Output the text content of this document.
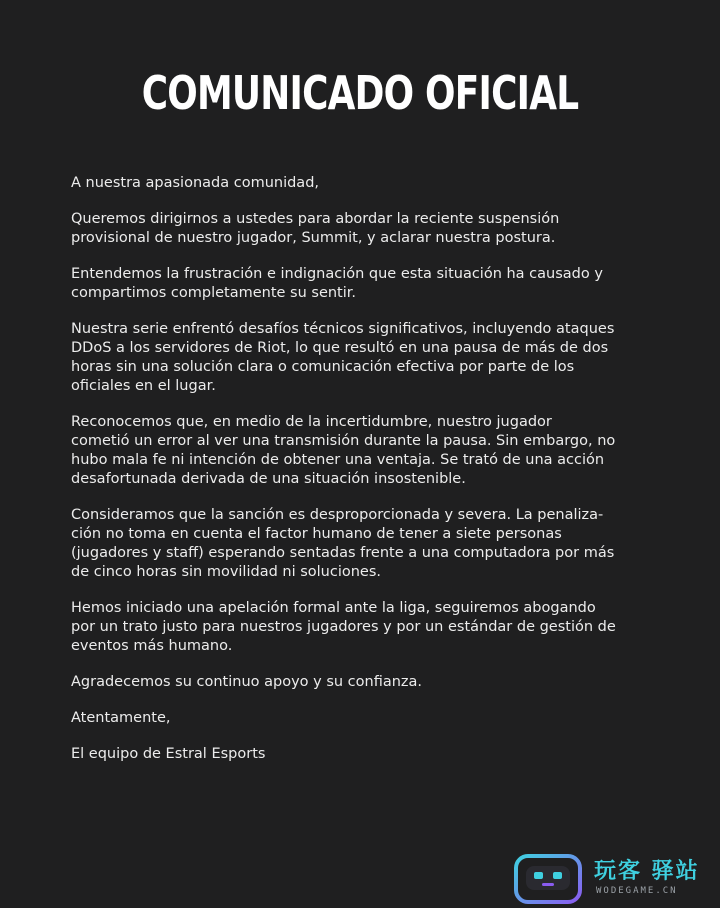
COMUNICADO OFICIAL

A nuestra apasionada comunidad,

Queremos dirigirnos a ustedes para abordar la reciente suspensión
provisional de nuestro jugador, Summit, y aclarar nuestra postura.

Entendemos la frustración e indignación que esta situación ha causado y
compartimos completamente su sentir.

Nuestra serie enfrentó desafíos técnicos significativos, incluyendo ataques
DDoS a los servidores de Riot, lo que resultó en una pausa de más de dos
horas sin una solución clara o comunicación efectiva por parte de los
oficiales en el lugar.

Reconocemos que, en medio de la incertidumbre, nuestro jugador
cometió un error al ver una transmisión durante la pausa. Sin embargo, no
hubo mala fe ni intención de obtener una ventaja. Se trató de una acción
desafortunada derivada de una situación insostenible.

Consideramos que la sanción es desproporcionada y severa. La penaliza-
ción no toma en cuenta el factor humano de tener a siete personas
(jugadores y staff) esperando sentadas frente a una computadora por más
de cinco horas sin movilidad ni soluciones.

Hemos iniciado una apelación formal ante la liga, seguiremos abogando
por un trato justo para nuestros jugadores y por un estándar de gestión de
eventos más humano.

Agradecemos su continuo apoyo y su confianza.

Atentamente,

El equipo de Estral Esports

玩客 驿站
WODEGAME.CN
